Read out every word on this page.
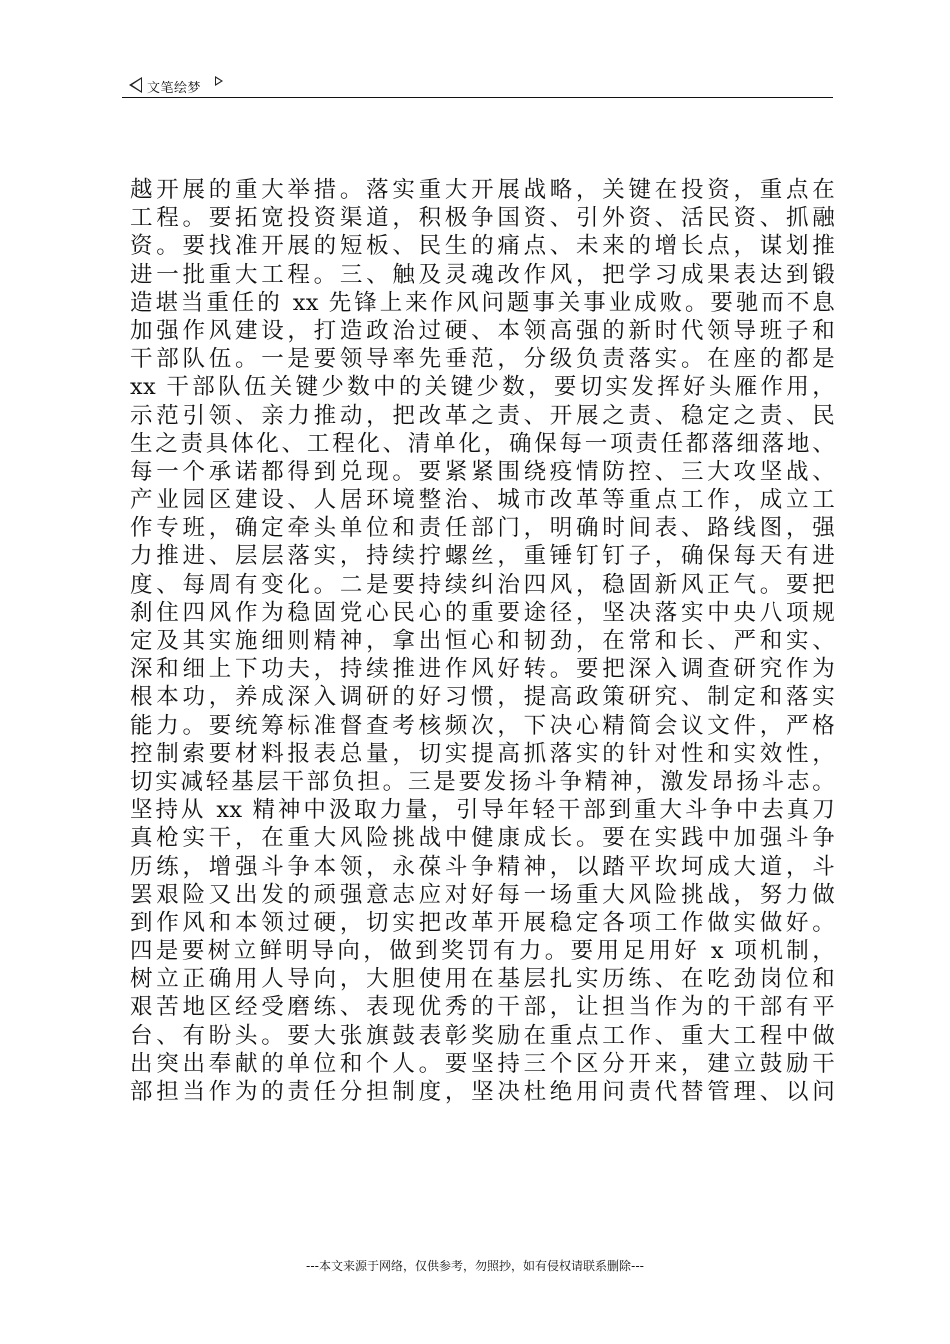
文笔绘梦
越开展的重大举措。落实重大开展战略，关键在投资，重点在
工程。要拓宽投资渠道，积极争国资、引外资、活民资、抓融
资。要找准开展的短板、民生的痛点、未来的增长点，谋划推
进一批重大工程。三、触及灵魂改作风，把学习成果表达到锻
造堪当重任的 xx 先锋上来作风问题事关事业成败。要驰而不息
加强作风建设，打造政治过硬、本领高强的新时代领导班子和
干部队伍。一是要领导率先垂范，分级负责落实。在座的都是
xx 干部队伍关键少数中的关键少数，要切实发挥好头雁作用，
示范引领、亲力推动，把改革之责、开展之责、稳定之责、民
生之责具体化、工程化、清单化，确保每一项责任都落细落地、
每一个承诺都得到兑现。要紧紧围绕疫情防控、三大攻坚战、
产业园区建设、人居环境整治、城市改革等重点工作，成立工
作专班，确定牵头单位和责任部门，明确时间表、路线图，强
力推进、层层落实，持续拧螺丝，重锤钉钉子，确保每天有进
度、每周有变化。二是要持续纠治四风，稳固新风正气。要把
刹住四风作为稳固党心民心的重要途径，坚决落实中央八项规
定及其实施细则精神，拿出恒心和韧劲，在常和长、严和实、
深和细上下功夫，持续推进作风好转。要把深入调查研究作为
根本功，养成深入调研的好习惯，提高政策研究、制定和落实
能力。要统筹标准督查考核频次，下决心精简会议文件，严格
控制索要材料报表总量，切实提高抓落实的针对性和实效性，
切实减轻基层干部负担。三是要发扬斗争精神，激发昂扬斗志。
坚持从 xx 精神中汲取力量，引导年轻干部到重大斗争中去真刀
真枪实干，在重大风险挑战中健康成长。要在实践中加强斗争
历练，增强斗争本领，永葆斗争精神，以踏平坎坷成大道，斗
罢艰险又出发的顽强意志应对好每一场重大风险挑战，努力做
到作风和本领过硬，切实把改革开展稳定各项工作做实做好。
四是要树立鲜明导向，做到奖罚有力。要用足用好 x 项机制，
树立正确用人导向，大胆使用在基层扎实历练、在吃劲岗位和
艰苦地区经受磨练、表现优秀的干部，让担当作为的干部有平
台、有盼头。要大张旗鼓表彰奖励在重点工作、重大工程中做
出突出奉献的单位和个人。要坚持三个区分开来，建立鼓励干
部担当作为的责任分担制度，坚决杜绝用问责代替管理、以问
---本文来源于网络，仅供参考，勿照抄，如有侵权请联系删除---
